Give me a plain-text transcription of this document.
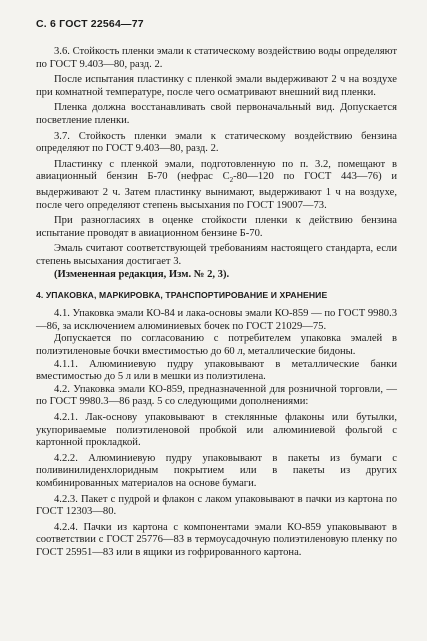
С. 6 ГОСТ 22564—77

3.6. Стойкость пленки эмали к статическому воздействию воды определяют по ГОСТ 9.403—80, разд. 2.

После испытания пластинку с пленкой эмали выдерживают 2 ч на воздухе при комнатной температуре, после чего осматривают внешний вид пленки.

Пленка должна восстанавливать свой первоначальный вид. Допускается посветление пленки.

3.7. Стойкость пленки эмали к статическому воздействию бензина определяют по ГОСТ 9.403—80, разд. 2.

Пластинку с пленкой эмали, подготовленную по п. 3.2, помещают в авиационный бензин Б-70 (нефрас $С_2-80—120$ по ГОСТ 443—76) и выдерживают 2 ч. Затем пластинку вынимают, выдерживают 1 ч на воздухе, после чего определяют степень высыхания по ГОСТ 19007—73.

При разногласиях в оценке стойкости пленки к действию бензина испытание проводят в авиационном бензине Б-70.

Эмаль считают соответствующей требованиям настоящего стандарта, если степень высыхания достигает 3.

(Измененная редакция, Изм. № 2, 3).

4. УПАКОВКА, МАРКИРОВКА, ТРАНСПОРТИРОВАНИЕ И ХРАНЕНИЕ

4.1. Упаковка эмали КО-84 и лака-основы эмали КО-859 — по ГОСТ 9980.3—86, за исключением алюминиевых бочек по ГОСТ 21029—75.

Допускается по согласованию с потребителем упаковка эмалей в полиэтиленовые бочки вместимостью до 60 л, металлические бидоны.

4.1.1. Алюминиевую пудру упаковывают в металлические банки вместимостью до 5 л или в мешки из полиэтилена.

4.2. Упаковка эмали КО-859, предназначенной для розничной торговли, — по ГОСТ 9980.3—86 разд. 5 со следующими дополнениями:

4.2.1. Лак-основу упаковывают в стеклянные флаконы или бутылки, укупориваемые полиэтиленовой пробкой или алюминиевой фольгой с картонной прокладкой.

4.2.2. Алюминиевую пудру упаковывают в пакеты из бумаги с поливинилиденхлоридным покрытием или в пакеты из других комбинированных материалов на основе бумаги.

4.2.3. Пакет с пудрой и флакон с лаком упаковывают в пачки из картона по ГОСТ 12303—80.

4.2.4. Пачки из картона с компонентами эмали КО-859 упаковывают в соответствии с ГОСТ 25776—83 в термоусадочную полиэтиленовую пленку по ГОСТ 25951—83 или в ящики из гофрированного картона.
